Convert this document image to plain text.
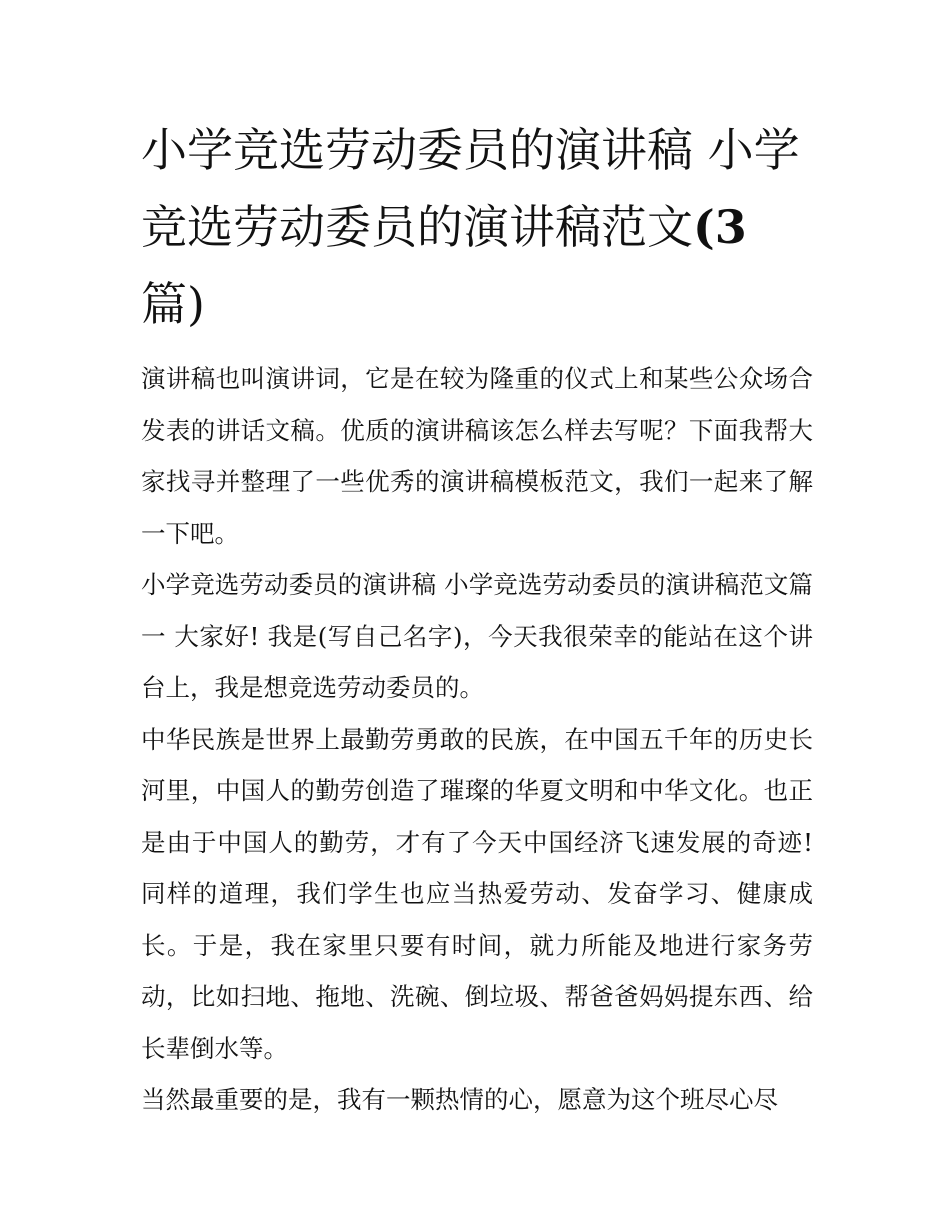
小学竞选劳动委员的演讲稿 小学竞选劳动委员的演讲稿范文(3 篇)

演讲稿也叫演讲词，它是在较为隆重的仪式上和某些公众场合发表的讲话文稿。优质的演讲稿该怎么样去写呢？下面我帮大家找寻并整理了一些优秀的演讲稿模板范文，我们一起来了解一下吧。

小学竞选劳动委员的演讲稿 小学竞选劳动委员的演讲稿范文篇一 大家好! 我是(写自己名字)，今天我很荣幸的能站在这个讲台上，我是想竞选劳动委员的。

中华民族是世界上最勤劳勇敢的民族，在中国五千年的历史长河里，中国人的勤劳创造了璀璨的华夏文明和中华文化。也正是由于中国人的勤劳，才有了今天中国经济飞速发展的奇迹! 同样的道理，我们学生也应当热爱劳动、发奋学习、健康成长。于是，我在家里只要有时间，就力所能及地进行家务劳动，比如扫地、拖地、洗碗、倒垃圾、帮爸爸妈妈提东西、给长辈倒水等。

当然最重要的是，我有一颗热情的心，愿意为这个班尽心尽
